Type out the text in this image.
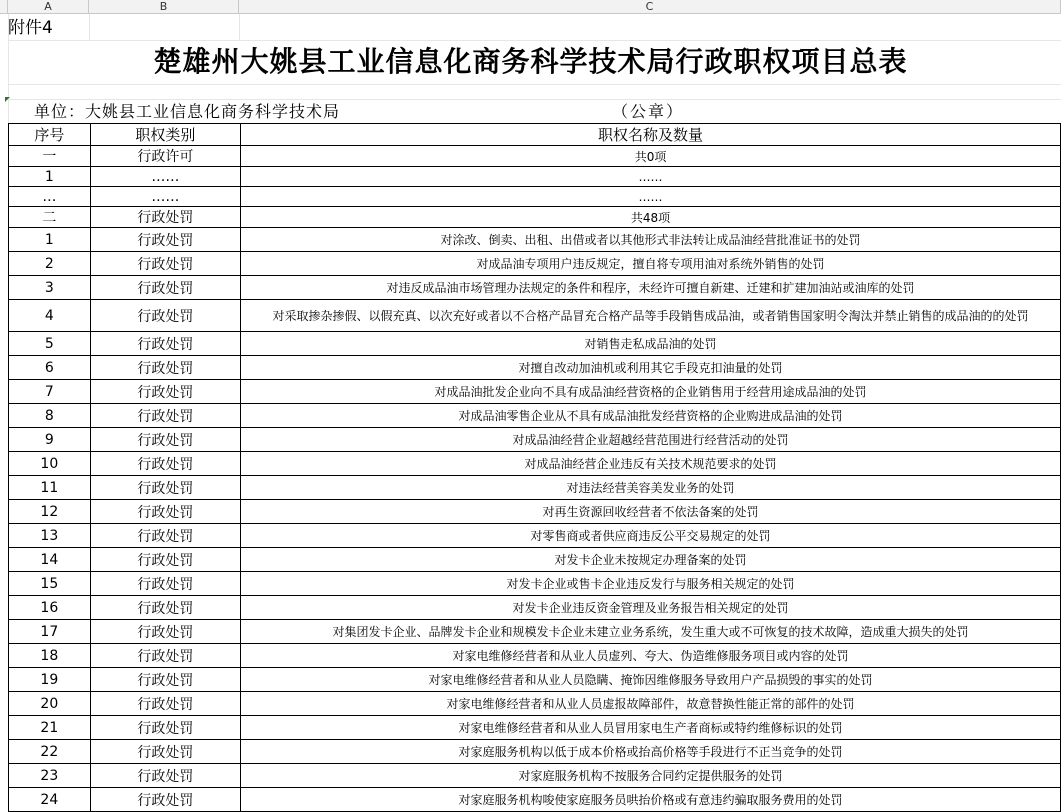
A	B	C
附件4
楚雄州大姚县工业信息化商务科学技术局行政职权项目总表
单位：大姚县工业信息化商务科学技术局	（公章）
序号	职权类别	职权名称及数量
一	行政许可	共0项
1	……	……
…	……	……
二	行政处罚	共48项
1	行政处罚	对涂改、倒卖、出租、出借或者以其他形式非法转让成品油经营批准证书的处罚
2	行政处罚	对成品油专项用户违反规定，擅自将专项用油对系统外销售的处罚
3	行政处罚	对违反成品油市场管理办法规定的条件和程序，未经许可擅自新建、迁建和扩建加油站或油库的处罚
4	行政处罚	对采取掺杂掺假、以假充真、以次充好或者以不合格产品冒充合格产品等手段销售成品油，或者销售国家明令淘汰并禁止销售的成品油的的处罚

5	行政处罚	对销售走私成品油的处罚
6	行政处罚	对擅自改动加油机或利用其它手段克扣油量的处罚
7	行政处罚	对成品油批发企业向不具有成品油经营资格的企业销售用于经营用途成品油的处罚
8	行政处罚	对成品油零售企业从不具有成品油批发经营资格的企业购进成品油的处罚
9	行政处罚	对成品油经营企业超越经营范围进行经营活动的处罚
10	行政处罚	对成品油经营企业违反有关技术规范要求的处罚
11	行政处罚	对违法经营美容美发业务的处罚
12	行政处罚	对再生资源回收经营者不依法备案的处罚
13	行政处罚	对零售商或者供应商违反公平交易规定的处罚
14	行政处罚	对发卡企业未按规定办理备案的处罚
15	行政处罚	对发卡企业或售卡企业违反发行与服务相关规定的处罚
16	行政处罚	对发卡企业违反资金管理及业务报告相关规定的处罚
17	行政处罚	对集团发卡企业、品牌发卡企业和规模发卡企业未建立业务系统，发生重大或不可恢复的技术故障，造成重大损失的处罚
18	行政处罚	对家电维修经营者和从业人员虚列、夸大、伪造维修服务项目或内容的处罚
19	行政处罚	对家电维修经营者和从业人员隐瞒、掩饰因维修服务导致用户产品损毁的事实的处罚
20	行政处罚	对家电维修经营者和从业人员虚报故障部件，故意替换性能正常的部件的处罚
21	行政处罚	对家电维修经营者和从业人员冒用家电生产者商标或特约维修标识的处罚
22	行政处罚	对家庭服务机构以低于成本价格或抬高价格等手段进行不正当竞争的处罚
23	行政处罚	对家庭服务机构不按服务合同约定提供服务的处罚
24	行政处罚	对家庭服务机构唆使家庭服务员哄抬价格或有意违约骗取服务费用的处罚
